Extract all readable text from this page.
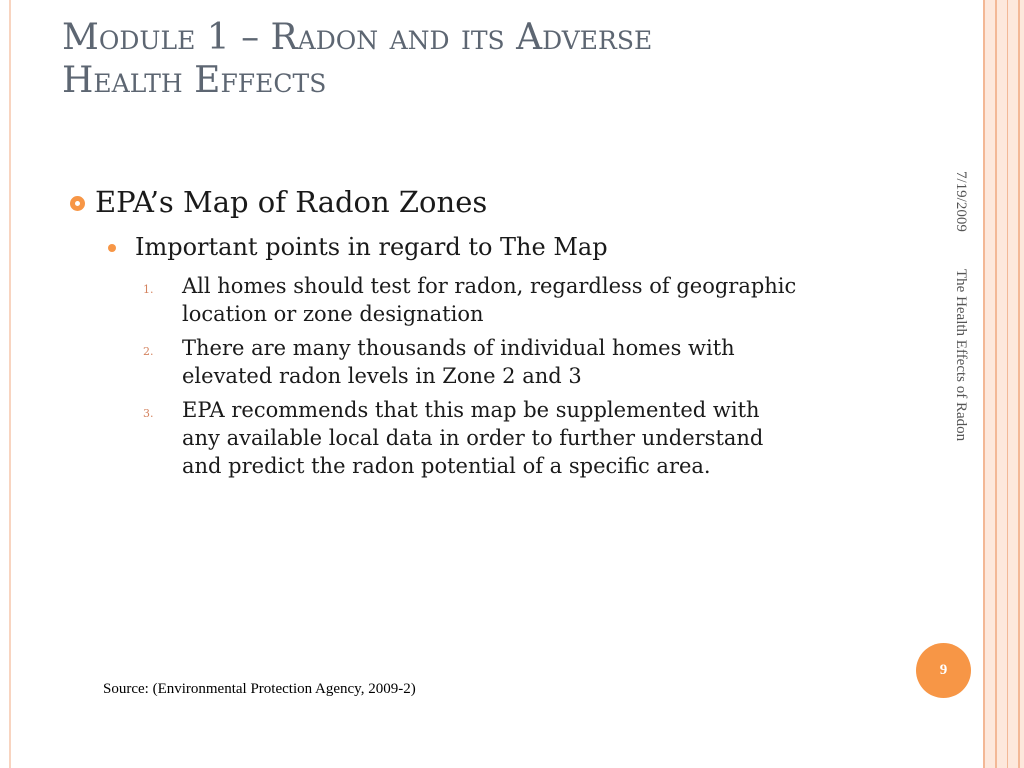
Module 1 – Radon and its Adverse
Health Effects
EPA’s Map of Radon Zones
Important points in regard to The Map
1.	All homes should test for radon, regardless of geographic
location or zone designation
2.	There are many thousands of individual homes with
elevated radon levels in Zone 2 and 3
3.	EPA recommends that this map be supplemented with
any available local data in order to further understand
and predict the radon potential of a specific area.
Source: (Environmental Protection Agency, 2009-2)
9
7/19/2009
The Health Effects of Radon
